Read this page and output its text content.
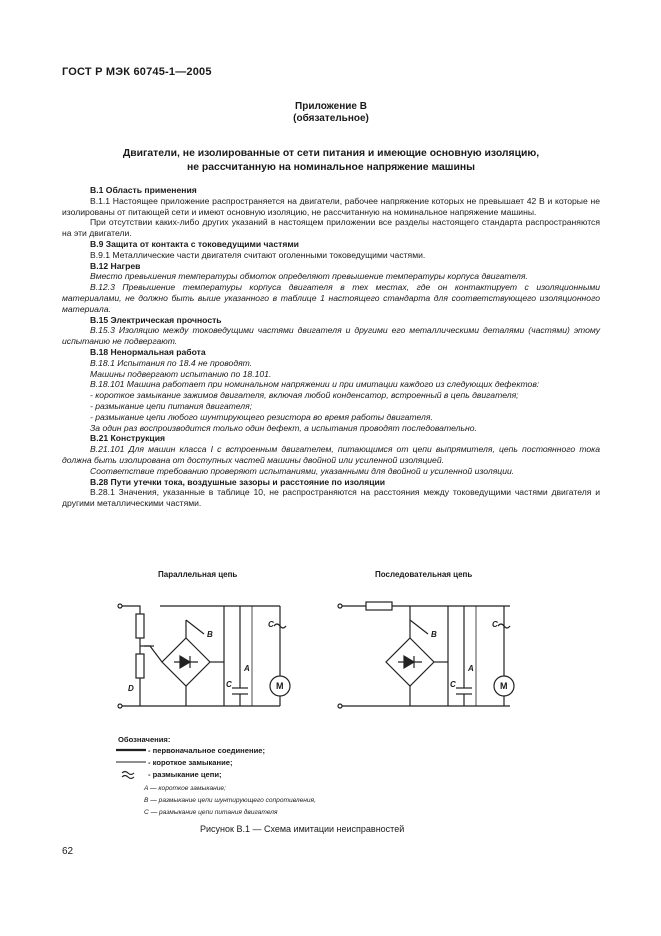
ГОСТ Р МЭК 60745-1—2005
Приложение В
(обязательное)
Двигатели, не изолированные от сети питания и имеющие основную изоляцию,
не рассчитанную на номинальное напряжение машины

В.1 Область применения

В.1.1 Настоящее приложение распространяется на двигатели, рабочее напряжение которых не превышает 42 В и которые не изолированы от питающей сети и имеют основную изоляцию, не рассчитанную на номинальное напряжение машины.

При отсутствии каких-либо других указаний в настоящем приложении все разделы настоящего стандарта распространяются на эти двигатели.

В.9 Защита от контакта с токоведущими частями

В.9.1 Металлические части двигателя считают оголенными токоведущими частями.

В.12 Нагрев

Вместо превышения температуры обмоток определяют превышение температуры корпуса двигателя.

В.12.3 Превышение температуры корпуса двигателя в тех местах, где он контактирует с изоляционными материалами, не должно быть выше указанного в таблице 1 настоящего стандарта для соответствующего изоляционного материала.

В.15 Электрическая прочность

В.15.3 Изоляцию между токоведущими частями двигателя и другими его металлическими деталями (частями) этому испытанию не подвергают.

В.18 Ненормальная работа

В.18.1 Испытания по 18.4 не проводят.

Машины подвергают испытанию по 18.101.

В.18.101 Машина работает при номинальном напряжении и при имитации каждого из следующих дефектов:

- короткое замыкание зажимов двигателя, включая любой конденсатор, встроенный в цепь двигателя;

- размыкание цепи питания двигателя;

- размыкание цепи любого шунтирующего резистора во время работы двигателя.

За один раз воспроизводится только один дефект, а испытания проводят последовательно.

В.21 Конструкция

В.21.101 Для машин класса I с встроенным двигателем, питающимся от цепи выпрямителя, цепь постоянного тока должна быть изолирована от доступных частей машины двойной или усиленной изоляцией.

Соответствие требованию проверяют испытаниями, указанными для двойной и усиленной изоляции.

В.28 Пути утечки тока, воздушные зазоры и расстояние по изоляции

В.28.1 Значения, указанные в таблице 10, не распространяются на расстояния между токоведущими частями двигателя и другими металлическими частями.

Параллельная цепь	Последовательная цепь
B
C
A
C	M
D
B
C
A
C	M
Обозначения:
- первоначальное соединение;
- короткое замыкание;
- размыкание цепи;
A — короткое замыкание;
B — размыкание цепи шунтирующего сопротивления,
C — размыкание цепи питания двигателя
Рисунок В.1 — Схема имитации неисправностей
62
